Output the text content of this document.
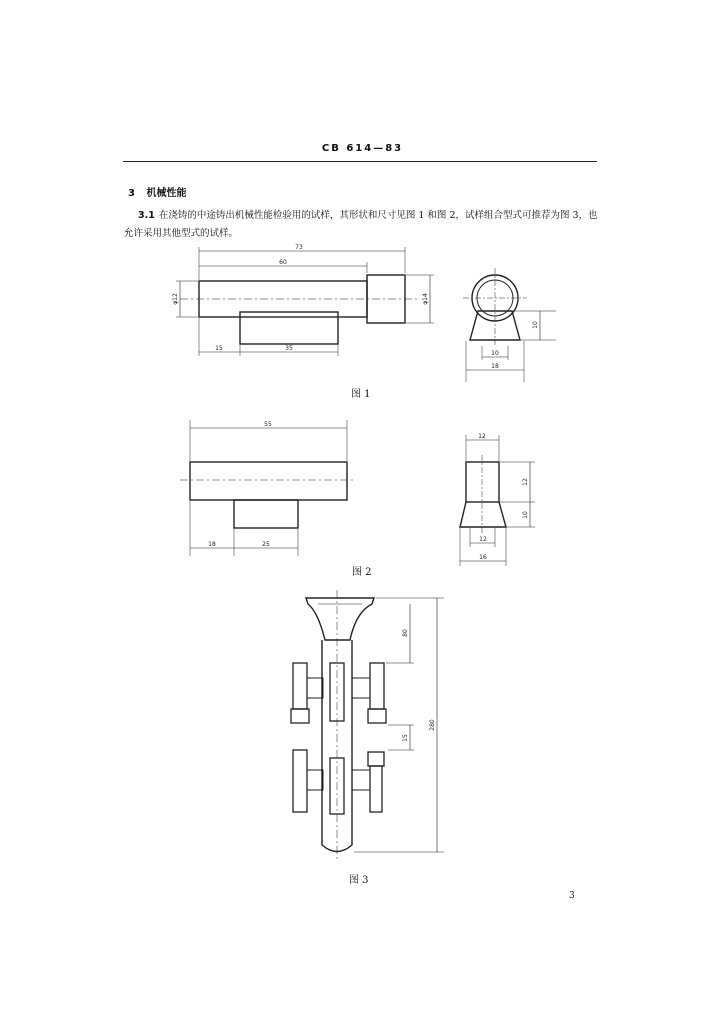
CB 614—83
3 机械性能
3.1 在浇铸的中途铸出机械性能检验用的试样，其形状和尺寸见图 1 和图 2，试样组合型式可推荐为图 3，也允许采用其他型式的试样。
73
60
φ12	φ14
15	35
10
10
18
55
18	25
12
12
10
12
16
80
280
15
图 1
图 2
图 3
3
